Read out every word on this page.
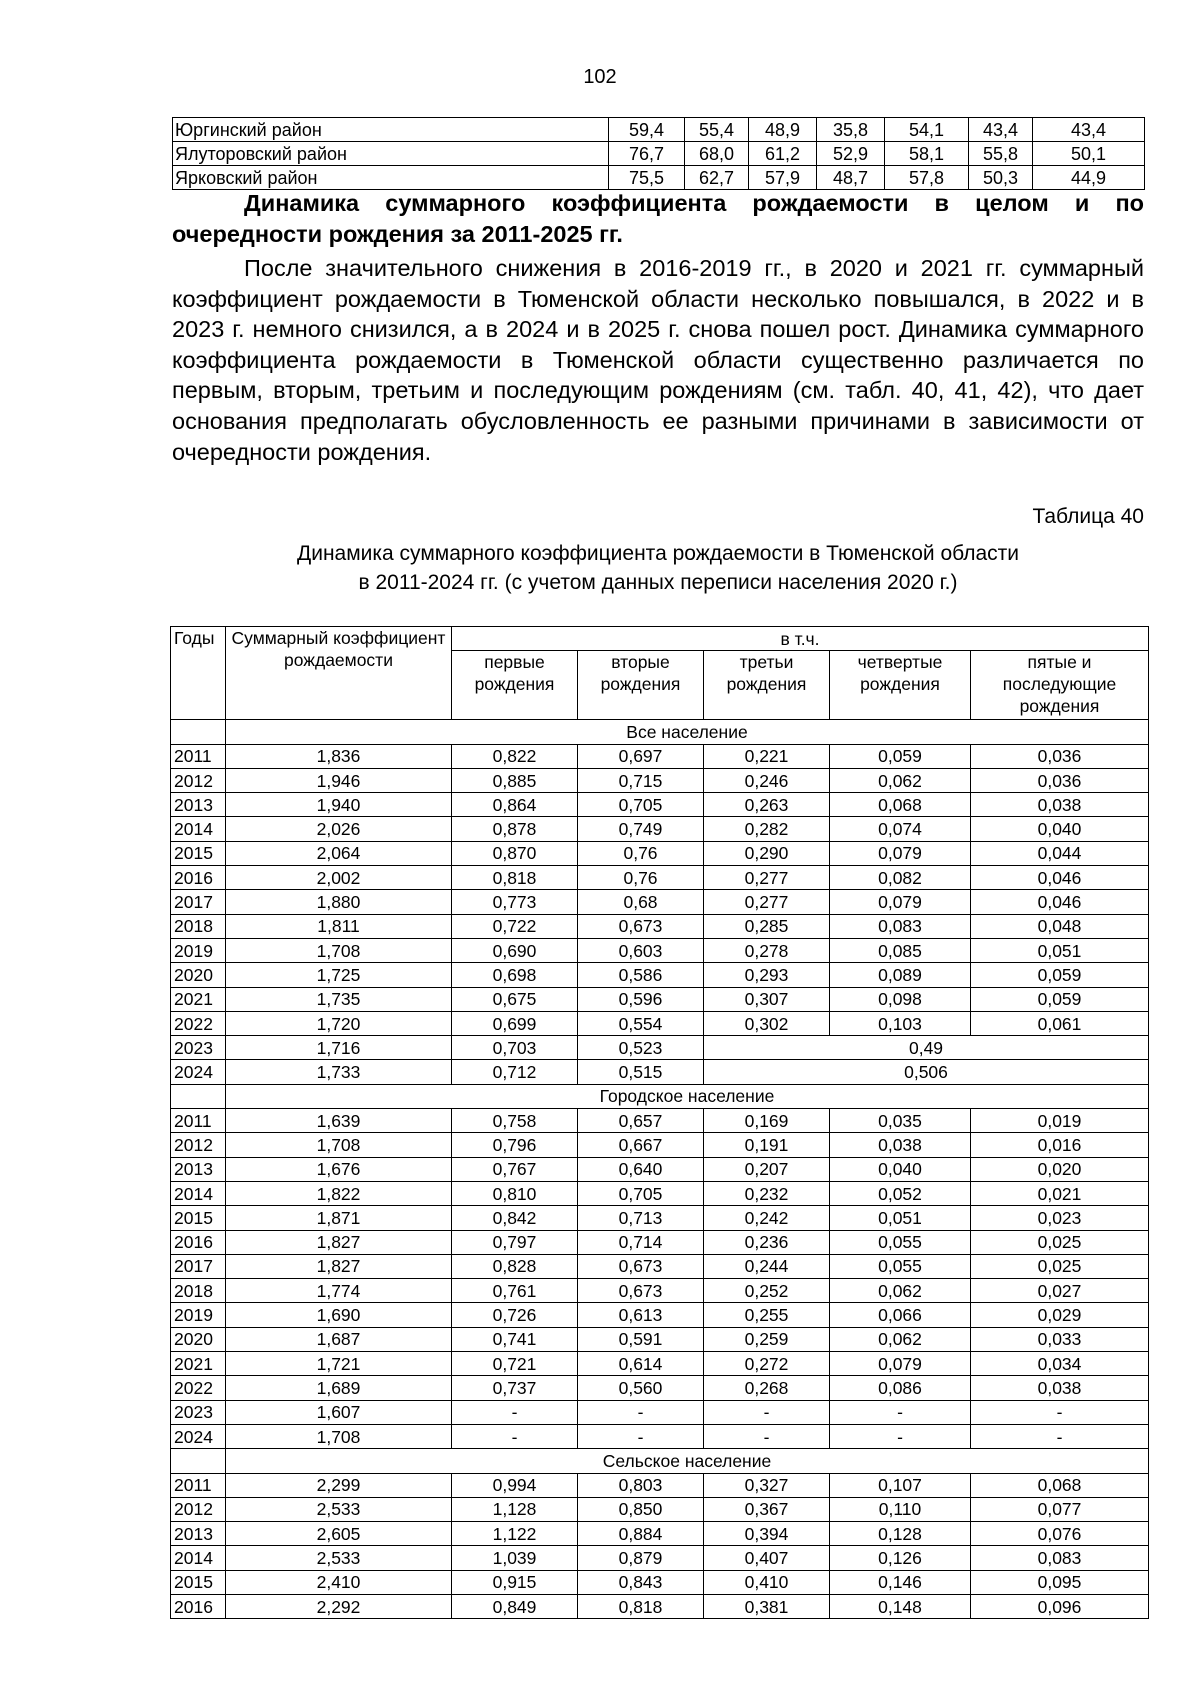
102
Юргинский район	59,4	55,4	48,9	35,8	54,1	43,4	43,4
Ялуторовский район	76,7	68,0	61,2	52,9	58,1	55,8	50,1
Ярковский район	75,5	62,7	57,9	48,7	57,8	50,3	44,9

Динамика суммарного коэффициента рождаемости в целом и по очередности рождения за 2011-2025 гг.

После значительного снижения в 2016-2019 гг., в 2020 и 2021 гг. суммарный коэффициент рождаемости в Тюменской области несколько повышался, в 2022 и в 2023 г. немного снизился, а в 2024 и в 2025 г. снова пошел рост. Динамика суммарного коэффициента рождаемости в Тюменской области существенно различается по первым, вторым, третьим и последующим рождениям (см. табл. 40, 41, 42), что дает основания предполагать обусловленность ее разными причинами в зависимости от очередности рождения.

Таблица 40

Динамика суммарного коэффициента рождаемости в Тюменской области
в 2011-2024 гг. (с учетом данных переписи населения 2020 г.)

Годы	Суммарный коэффициент рождаемости	в т.ч.				
		первые рождения	вторые рождения	третьи рождения	четвертые рождения	пятые и последующие рождения
	Все население					
2011	1,836	0,822	0,697	0,221	0,059	0,036
2012	1,946	0,885	0,715	0,246	0,062	0,036
2013	1,940	0,864	0,705	0,263	0,068	0,038
2014	2,026	0,878	0,749	0,282	0,074	0,040
2015	2,064	0,870	0,76	0,290	0,079	0,044
2016	2,002	0,818	0,76	0,277	0,082	0,046
2017	1,880	0,773	0,68	0,277	0,079	0,046
2018	1,811	0,722	0,673	0,285	0,083	0,048
2019	1,708	0,690	0,603	0,278	0,085	0,051
2020	1,725	0,698	0,586	0,293	0,089	0,059
2021	1,735	0,675	0,596	0,307	0,098	0,059
2022	1,720	0,699	0,554	0,302	0,103	0,061
2023	1,716	0,703	0,523	0,49		
2024	1,733	0,712	0,515	0,506		
	Городское население					
2011	1,639	0,758	0,657	0,169	0,035	0,019
2012	1,708	0,796	0,667	0,191	0,038	0,016
2013	1,676	0,767	0,640	0,207	0,040	0,020
2014	1,822	0,810	0,705	0,232	0,052	0,021
2015	1,871	0,842	0,713	0,242	0,051	0,023
2016	1,827	0,797	0,714	0,236	0,055	0,025
2017	1,827	0,828	0,673	0,244	0,055	0,025
2018	1,774	0,761	0,673	0,252	0,062	0,027
2019	1,690	0,726	0,613	0,255	0,066	0,029
2020	1,687	0,741	0,591	0,259	0,062	0,033
2021	1,721	0,721	0,614	0,272	0,079	0,034
2022	1,689	0,737	0,560	0,268	0,086	0,038
2023	1,607	-	-	-	-	-
2024	1,708	-	-	-	-	-
	Сельское население					
2011	2,299	0,994	0,803	0,327	0,107	0,068
2012	2,533	1,128	0,850	0,367	0,110	0,077
2013	2,605	1,122	0,884	0,394	0,128	0,076
2014	2,533	1,039	0,879	0,407	0,126	0,083
2015	2,410	0,915	0,843	0,410	0,146	0,095
2016	2,292	0,849	0,818	0,381	0,148	0,096
